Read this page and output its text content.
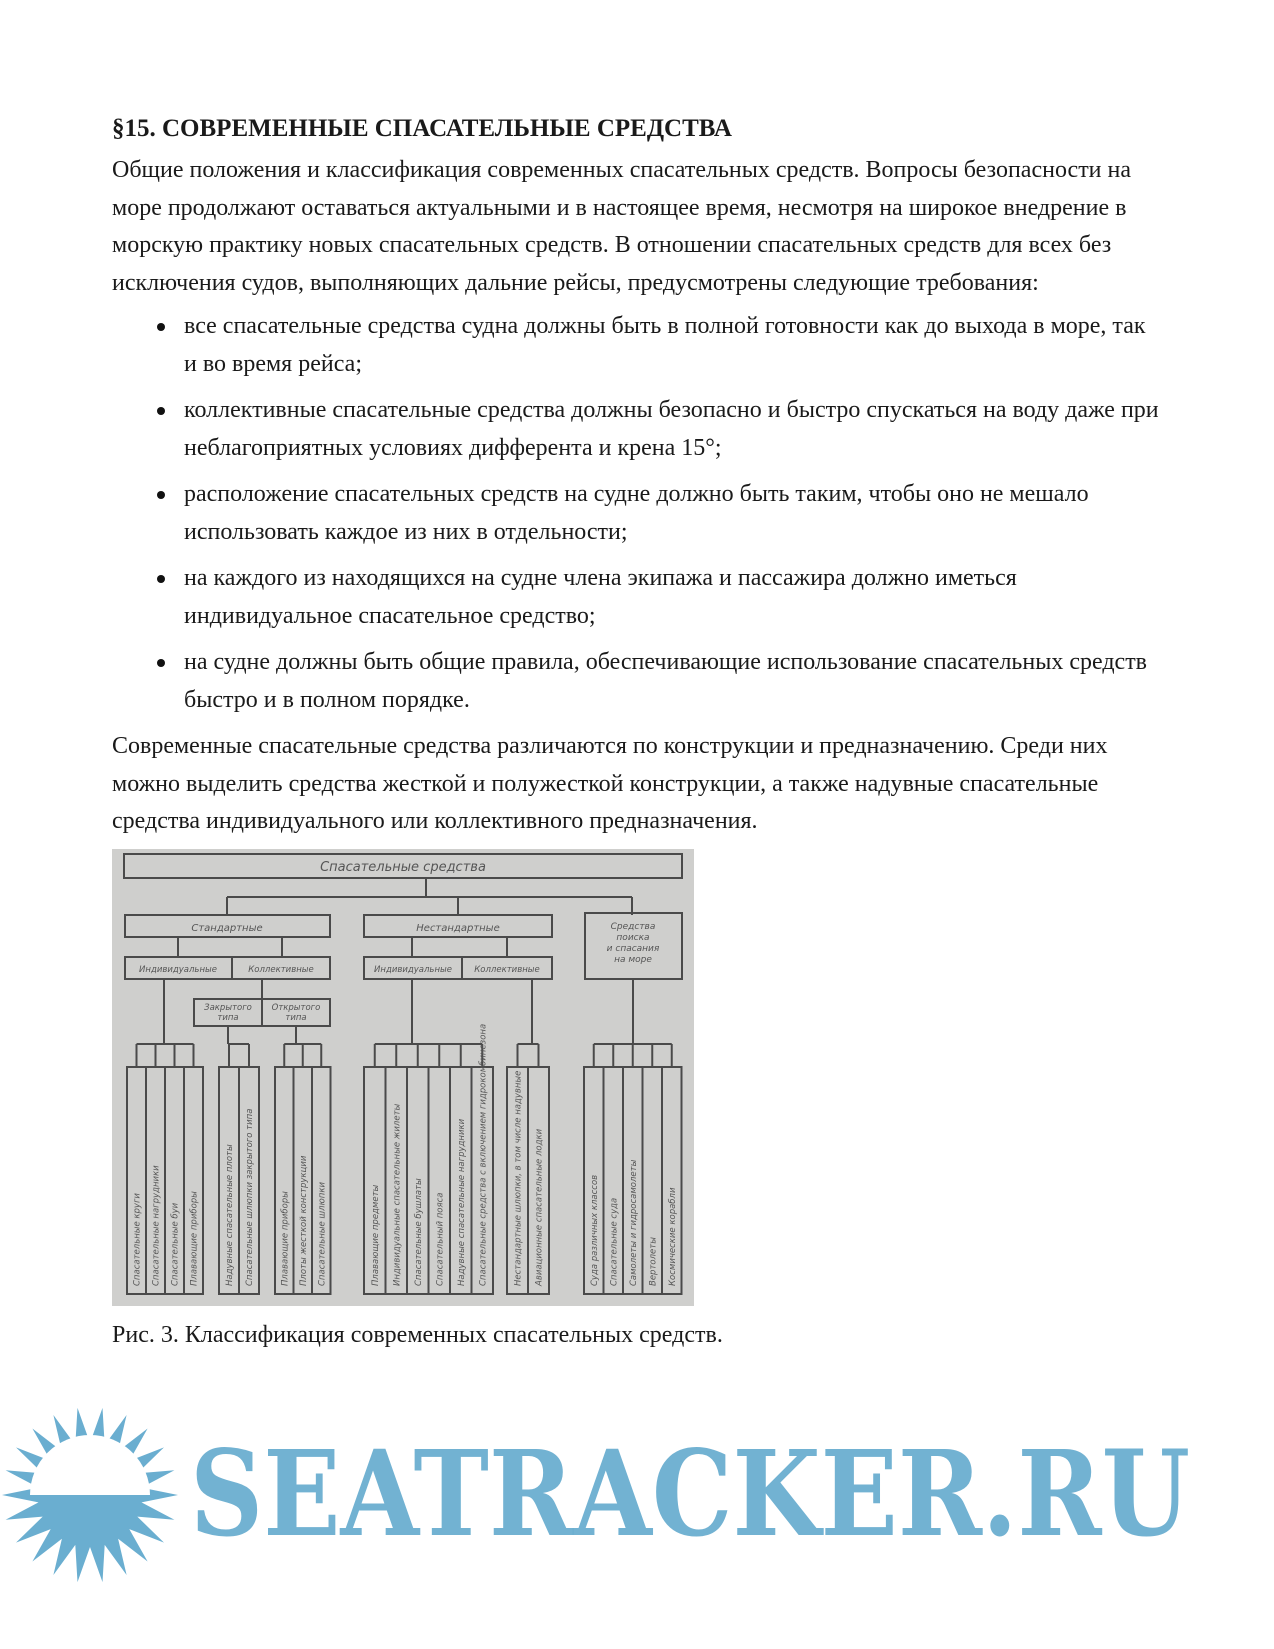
§15. СОВРЕМЕННЫЕ СПАСАТЕЛЬНЫЕ СРЕДСТВА

Общие положения и классификация современных спасательных средств. Вопросы безопасности на море продолжают оставаться актуальными и в настоящее время, несмотря на широкое внедрение в морскую практику новых спасательных средств. В отношении спасательных средств для всех без исключения судов, выполняющих дальние рейсы, предусмотрены следующие требования:

все спасательные средства судна должны быть в полной готовности как до выхода в море, так и во время рейса;
коллективные спасательные средства должны безопасно и быстро спускаться на воду даже при неблагоприятных условиях дифферента и крена 15°;
расположение спасательных средств на судне должно быть таким, чтобы оно не мешало использовать каждое из них в отдельности;
на каждого из находящихся на судне члена экипажа и пассажира должно иметься индивидуальное спасательное средство;
на судне должны быть общие правила, обеспечивающие использование спасательных средств быстро и в полном порядке.

Современные спасательные средства различаются по конструкции и предназначению. Среди них можно выделить средства жесткой и полужесткой конструкции, а также надувные спасательные средства индивидуального или коллективного предназначения.

Спасательные средства
Стандартные	Нестандартные	Средства
поиска
и спасания
на море
Индивидуальные	Коллективные	Индивидуальные	Коллективные
Закрытого
типа
Открытого
типа
Спасательные круги Спасательные нагрудники Спасательные буи Плавающие приборы	Надувные спасательные плоты Спасательные шлюпки закрытого типа	Плавающие приборы Плоты жесткой конструкции Спасательные шлюпки	Плавающие предметы Индивидуальные спасательные жилеты Спасательные бушлаты Спасательный пояса Надувные спасательные нагрудники Спасательные средства с включением гидрокомбинезона	Нестандартные шлюпки, в том числе надувные Авиационные спасательные лодки	Суда различных классов Спасательные суда Самолеты и гидросамолеты Вертолеты Космические корабли
Рис. 3. Классификация современных спасательных средств.
SEATRACKER.RU
